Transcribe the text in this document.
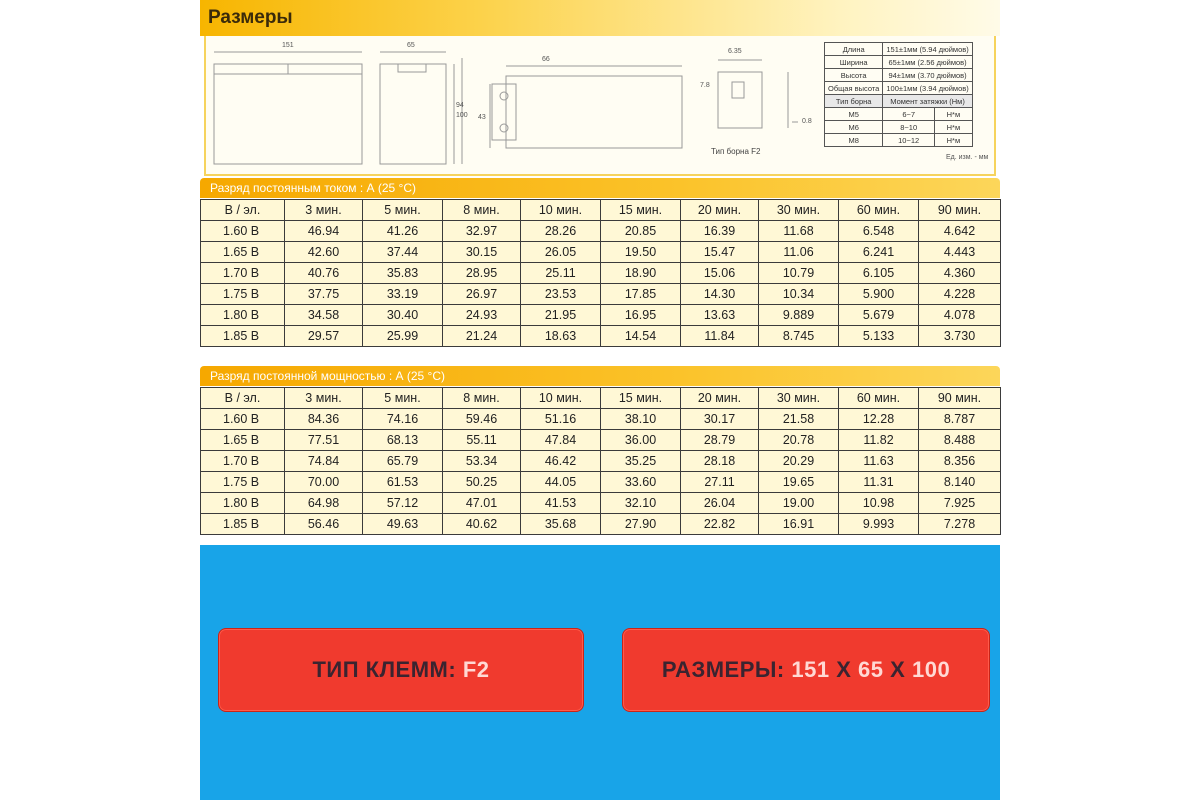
Размеры
151	65
94
100
66
43
6.35
7.8
0.8
Тип борна F2
Длина	151±1мм (5.94 дюймов)	
Ширина	65±1мм (2.56 дюймов)	
Высота	94±1мм (3.70 дюймов)	
Общая высота	100±1мм (3.94 дюймов)	
Тип борна	Момент затяжки (Нм)	
M5	6~7	Н*м
M6	8~10	Н*м
M8	10~12	Н*м
Ед. изм. - мм
Разряд постоянным током : А (25 °C)
В / эл.	3 мин.	5 мин.	8 мин.	10 мин.	15 мин.	20 мин.	30 мин.	60 мин.	90 мин.
1.60 В	46.94	41.26	32.97	28.26	20.85	16.39	11.68	6.548	4.642
1.65 В	42.60	37.44	30.15	26.05	19.50	15.47	11.06	6.241	4.443
1.70 В	40.76	35.83	28.95	25.11	18.90	15.06	10.79	6.105	4.360
1.75 В	37.75	33.19	26.97	23.53	17.85	14.30	10.34	5.900	4.228
1.80 В	34.58	30.40	24.93	21.95	16.95	13.63	9.889	5.679	4.078
1.85 В	29.57	25.99	21.24	18.63	14.54	11.84	8.745	5.133	3.730
Разряд постоянной мощностью : А (25 °C)
В / эл.	3 мин.	5 мин.	8 мин.	10 мин.	15 мин.	20 мин.	30 мин.	60 мин.	90 мин.
1.60 В	84.36	74.16	59.46	51.16	38.10	30.17	21.58	12.28	8.787
1.65 В	77.51	68.13	55.11	47.84	36.00	28.79	20.78	11.82	8.488
1.70 В	74.84	65.79	53.34	46.42	35.25	28.18	20.29	11.63	8.356
1.75 В	70.00	61.53	50.25	44.05	33.60	27.11	19.65	11.31	8.140
1.80 В	64.98	57.12	47.01	41.53	32.10	26.04	19.00	10.98	7.925
1.85 В	56.46	49.63	40.62	35.68	27.90	22.82	16.91	9.993	7.278
ТИП КЛЕММ: F2	РАЗМЕРЫ: 151 X 65 X 100
